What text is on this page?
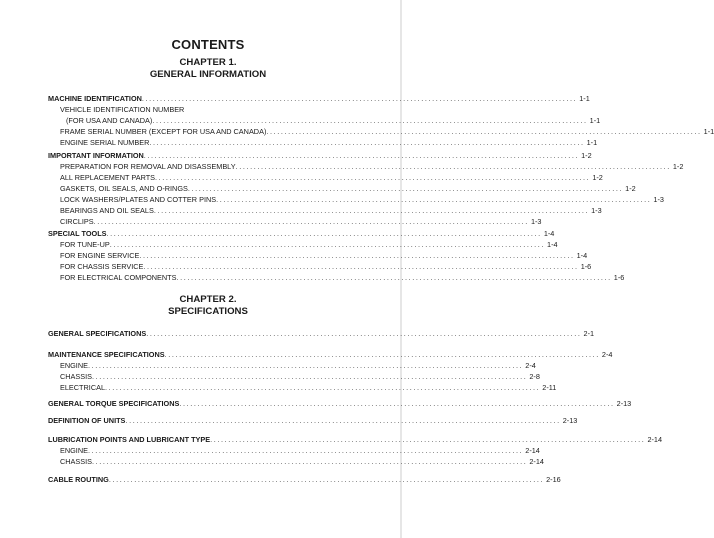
CONTENTS
CHAPTER 1.
GENERAL INFORMATION
MACHINE IDENTIFICATION ........................................................................................................................ 1-1
VEHICLE IDENTIFICATION NUMBER
(FOR USA AND CANADA) ........................................................................................................................ 1-1
FRAME SERIAL NUMBER (EXCEPT FOR USA AND CANADA) ........................................................................................................................ 1-1
ENGINE SERIAL NUMBER ........................................................................................................................ 1-1
IMPORTANT INFORMATION ........................................................................................................................ 1-2
PREPARATION FOR REMOVAL AND DISASSEMBLY ........................................................................................................................ 1-2
ALL REPLACEMENT PARTS ........................................................................................................................ 1-2
GASKETS, OIL SEALS, AND O-RINGS ........................................................................................................................ 1-2
LOCK WASHERS/PLATES AND COTTER PINS ........................................................................................................................ 1-3
BEARINGS AND OIL SEALS ........................................................................................................................ 1-3
CIRCLIPS ........................................................................................................................ 1-3
SPECIAL TOOLS ........................................................................................................................ 1-4
FOR TUNE-UP ........................................................................................................................ 1-4
FOR ENGINE SERVICE ........................................................................................................................ 1-4
FOR CHASSIS SERVICE ........................................................................................................................ 1-6
FOR ELECTRICAL COMPONENTS ........................................................................................................................ 1-6
CHAPTER 2.
SPECIFICATIONS
GENERAL SPECIFICATIONS ........................................................................................................................ 2-1
MAINTENANCE SPECIFICATIONS ........................................................................................................................ 2-4
ENGINE ........................................................................................................................ 2-4
CHASSIS ........................................................................................................................ 2-8
ELECTRICAL ........................................................................................................................ 2-11
GENERAL TORQUE SPECIFICATIONS ........................................................................................................................ 2-13
DEFINITION OF UNITS ........................................................................................................................ 2-13
LUBRICATION POINTS AND LUBRICANT TYPE ........................................................................................................................ 2-14
ENGINE ........................................................................................................................ 2-14
CHASSIS ........................................................................................................................ 2-14
CABLE ROUTING ........................................................................................................................ 2-16
